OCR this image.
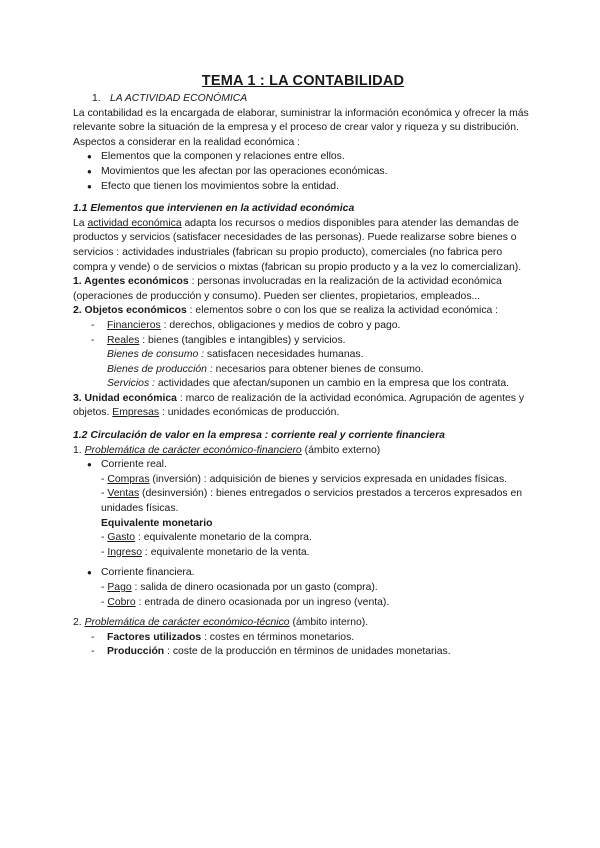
TEMA 1 : LA CONTABILIDAD

1. LA ACTIVIDAD ECONÓMICA

La contabilidad es la encargada de elaborar, suministrar la información económica y ofrecer la más relevante sobre la situación de la empresa y el proceso de crear valor y riqueza y su distribución. Aspectos a considerar en la realidad económica :

● Elementos que la componen y relaciones entre ellos.
● Movimientos que les afectan por las operaciones económicas.
● Efecto que tienen los movimientos sobre la entidad.

1.1 Elementos que intervienen en la actividad económica

La actividad económica adapta los recursos o medios disponibles para atender las demandas de productos y servicios (satisfacer necesidades de las personas). Puede realizarse sobre bienes o servicios : actividades industriales (fabrican su propio producto), comerciales (no fabrica pero compra y vende) o de servicios o mixtas (fabrican su propio producto y a la vez lo comercializan).

1. Agentes económicos : personas involucradas en la realización de la actividad económica (operaciones de producción y consumo). Pueden ser clientes, propietarios, empleados...

2. Objetos económicos : elementos sobre o con los que se realiza la actividad económica :

- Financieros : derechos, obligaciones y medios de cobro y pago.

- Reales : bienes (tangibles e intangibles) y servicios.

Bienes de consumo : satisfacen necesidades humanas.

Bienes de producción : necesarios para obtener bienes de consumo.

Servicios : actividades que afectan/suponen un cambio en la empresa que los contrata.

3. Unidad económica : marco de realización de la actividad económica. Agrupación de agentes y objetos. Empresas : unidades económicas de producción.

1.2 Circulación de valor en la empresa : corriente real y corriente financiera

1. Problemática de carácter económico-financiero (ámbito externo)

● Corriente real.

- Compras (inversión) : adquisición de bienes y servicios expresada en unidades físicas.

- Ventas (desinversión) : bienes entregados o servicios prestados a terceros expresados en unidades físicas.

Equivalente monetario

- Gasto : equivalente monetario de la compra.

- Ingreso : equivalente monetario de la venta.

● Corriente financiera.

- Pago : salida de dinero ocasionada por un gasto (compra).

- Cobro : entrada de dinero ocasionada por un ingreso (venta).

2. Problemática de carácter económico-técnico (ámbito interno).

- Factores utilizados : costes en términos monetarios.

- Producción : coste de la producción en términos de unidades monetarias.
